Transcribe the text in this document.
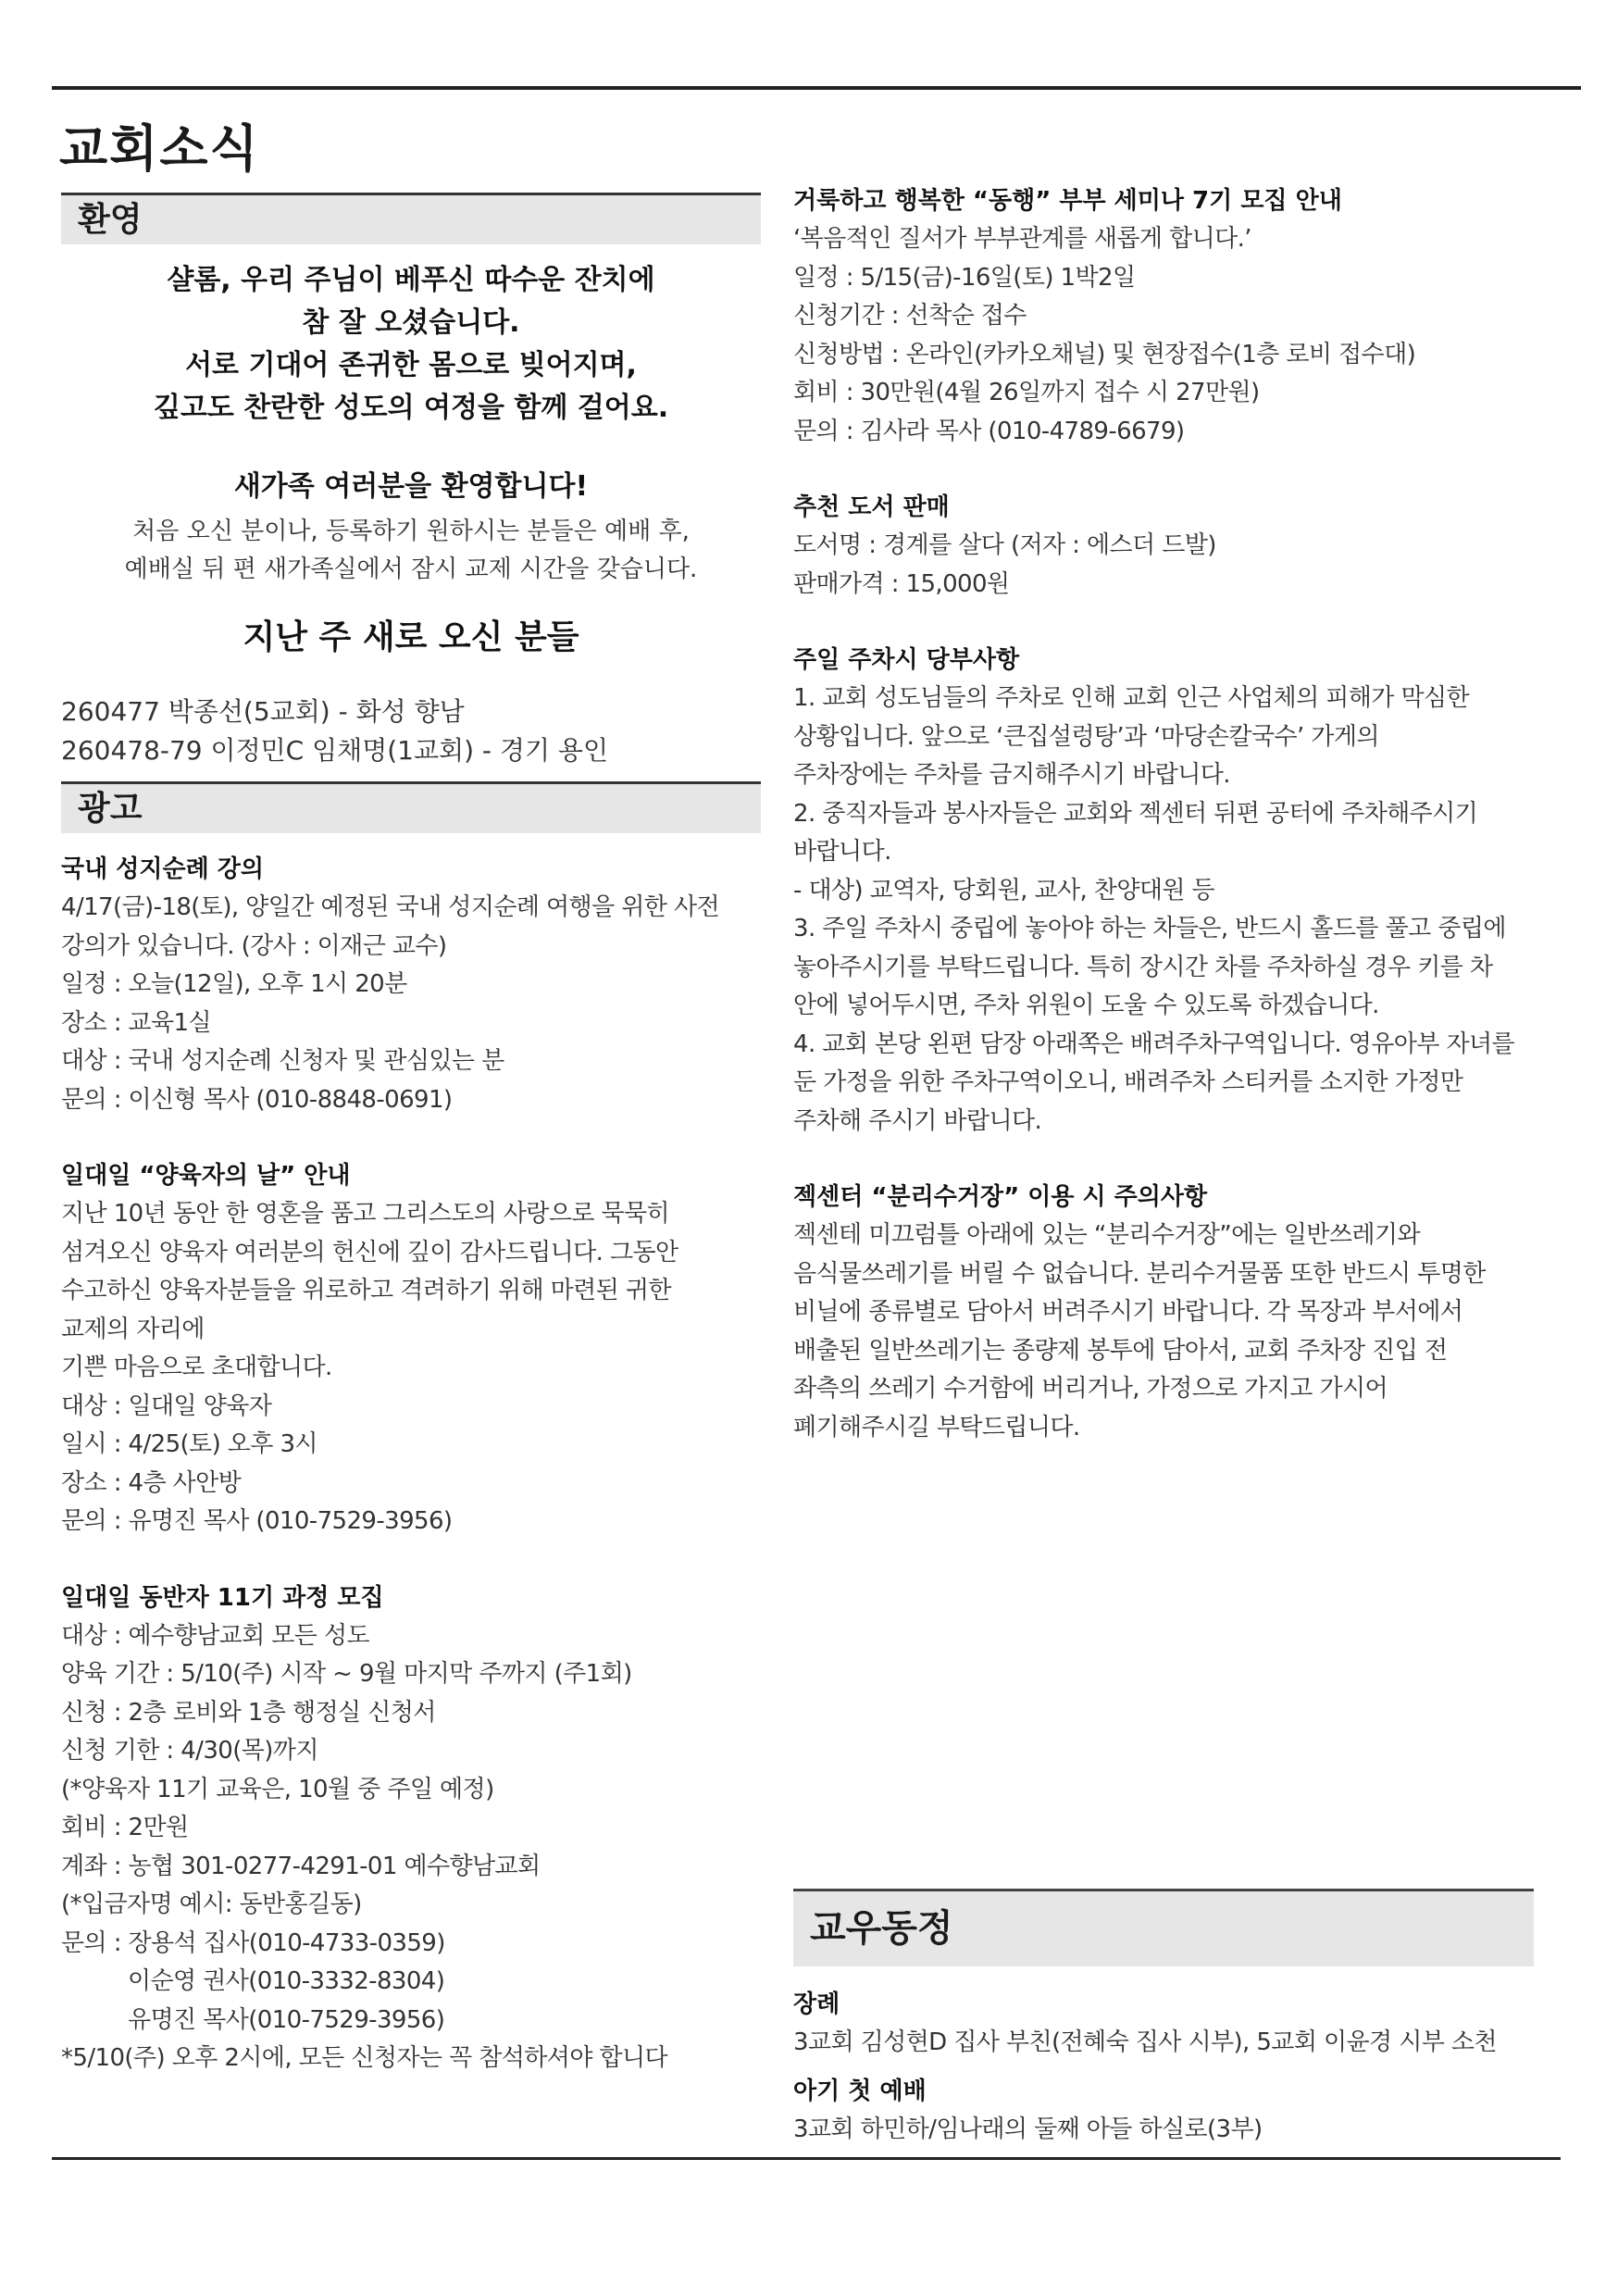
교회소식
환영
샬롬, 우리 주님이 베푸신 따수운 잔치에
참 잘 오셨습니다.
서로 기대어 존귀한 몸으로 빚어지며,
깊고도 찬란한 성도의 여정을 함께 걸어요.
새가족 여러분을 환영합니다!
처음 오신 분이나, 등록하기 원하시는 분들은 예배 후,
예배실 뒤 편 새가족실에서 잠시 교제 시간을 갖습니다.
지난 주 새로 오신 분들
260477 박종선(5교회) - 화성 향남
260478-79 이정민C 임채명(1교회) - 경기 용인
광고
국내 성지순례 강의
4/17(금)-18(토), 양일간 예정된 국내 성지순례 여행을 위한 사전
강의가 있습니다. (강사 : 이재근 교수)
일정 : 오늘(12일), 오후 1시 20분
장소 : 교육1실
대상 : 국내 성지순례 신청자 및 관심있는 분
문의 : 이신형 목사 (010-8848-0691)
일대일 “양육자의 날” 안내
지난 10년 동안 한 영혼을 품고 그리스도의 사랑으로 묵묵히
섬겨오신 양육자 여러분의 헌신에 깊이 감사드립니다. 그동안
수고하신 양육자분들을 위로하고 격려하기 위해 마련된 귀한
교제의 자리에
기쁜 마음으로 초대합니다.
대상 : 일대일 양육자
일시 : 4/25(토) 오후 3시
장소 : 4층 사안방
문의 : 유명진 목사 (010-7529-3956)
일대일 동반자 11기 과정 모집
대상 : 예수향남교회 모든 성도
양육 기간 : 5/10(주) 시작 ~ 9월 마지막 주까지 (주1회)
신청 : 2층 로비와 1층 행정실 신청서
신청 기한 : 4/30(목)까지
(*양육자 11기 교육은, 10월 중 주일 예정)
회비 : 2만원
계좌 : 농협 301-0277-4291-01 예수향남교회
(*입금자명 예시: 동반홍길동)
문의 : 장용석 집사(010-4733-0359)
이순영 권사(010-3332-8304)
유명진 목사(010-7529-3956)
*5/10(주) 오후 2시에, 모든 신청자는 꼭 참석하셔야 합니다
거룩하고 행복한 “동행” 부부 세미나 7기 모집 안내
‘복음적인 질서가 부부관계를 새롭게 합니다.’
일정 : 5/15(금)-16일(토) 1박2일
신청기간 : 선착순 접수
신청방법 : 온라인(카카오채널) 및 현장접수(1층 로비 접수대)
회비 : 30만원(4월 26일까지 접수 시 27만원)
문의 : 김사라 목사 (010-4789-6679)
추천 도서 판매
도서명 : 경계를 살다 (저자 : 에스더 드발)
판매가격 : 15,000원
주일 주차시 당부사항
1. 교회 성도님들의 주차로 인해 교회 인근 사업체의 피해가 막심한
상황입니다. 앞으로 ‘큰집설렁탕’과 ‘마당손칼국수’ 가게의
주차장에는 주차를 금지해주시기 바랍니다.
2. 중직자들과 봉사자들은 교회와 젝센터 뒤편 공터에 주차해주시기
바랍니다.
- 대상) 교역자, 당회원, 교사, 찬양대원 등
3. 주일 주차시 중립에 놓아야 하는 차들은, 반드시 홀드를 풀고 중립에
놓아주시기를 부탁드립니다. 특히 장시간 차를 주차하실 경우 키를 차
안에 넣어두시면, 주차 위원이 도울 수 있도록 하겠습니다.
4. 교회 본당 왼편 담장 아래쪽은 배려주차구역입니다. 영유아부 자녀를
둔 가정을 위한 주차구역이오니, 배려주차 스티커를 소지한 가정만
주차해 주시기 바랍니다.
젝센터 “분리수거장” 이용 시 주의사항
젝센테 미끄럼틀 아래에 있는 “분리수거장”에는 일반쓰레기와
음식물쓰레기를 버릴 수 없습니다. 분리수거물품 또한 반드시 투명한
비닐에 종류별로 담아서 버려주시기 바랍니다. 각 목장과 부서에서
배출된 일반쓰레기는 종량제 봉투에 담아서, 교회 주차장 진입 전
좌측의 쓰레기 수거함에 버리거나, 가정으로 가지고 가시어
폐기해주시길 부탁드립니다.
교우동정
장례
3교회 김성현D 집사 부친(전혜숙 집사 시부), 5교회 이윤경 시부 소천
아기 첫 예배
3교회 하민하/임나래의 둘째 아들 하실로(3부)
